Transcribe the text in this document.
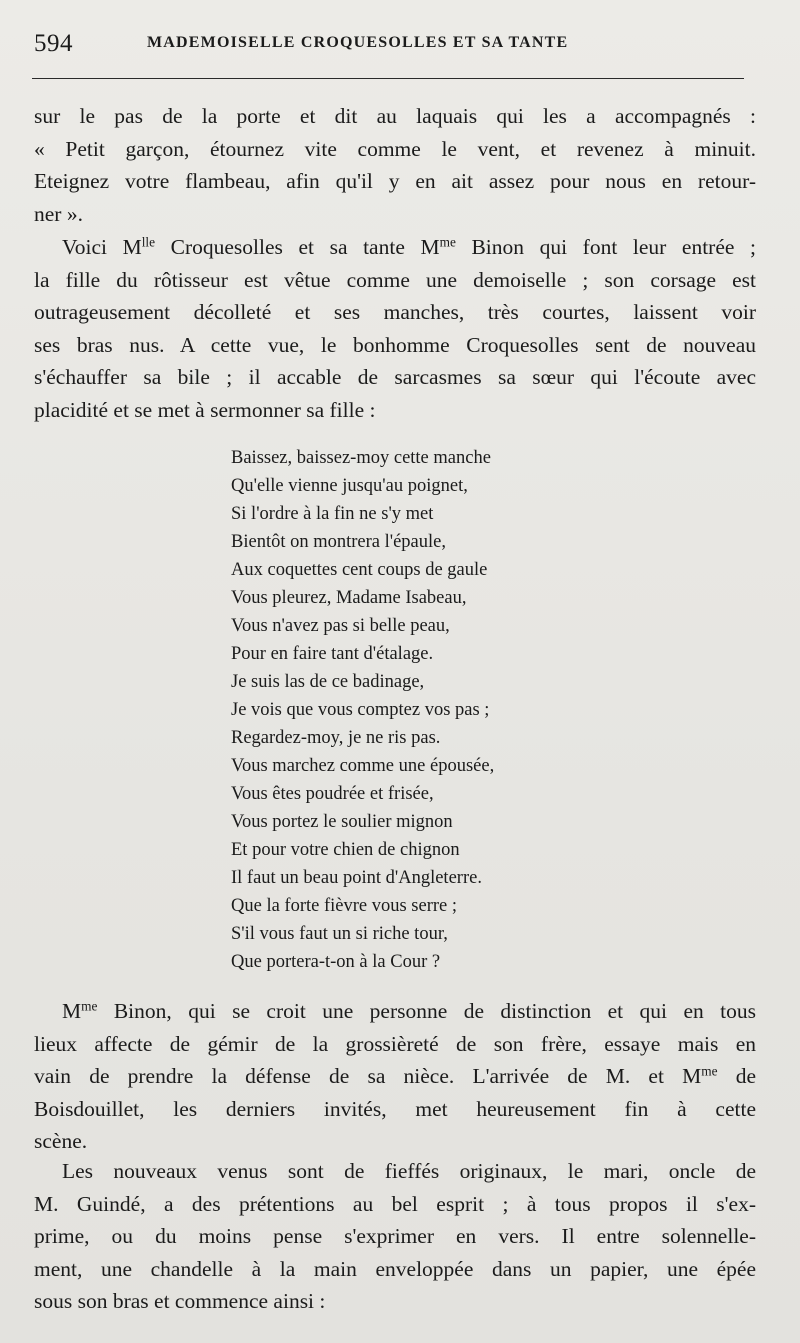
594	MADEMOISELLE CROQUESOLLES ET SA TANTE
sur le pas de la porte et dit au laquais qui les a accompagnés :
« Petit garçon, étournez vite comme le vent, et revenez à minuit.
Eteignez votre flambeau, afin qu'il y en ait assez pour nous en retour-
ner ».
Voici $M^{lle}$ Croquesolles et sa tante $M^{me}$ Binon qui font leur entrée ;
la fille du rôtisseur est vêtue comme une demoiselle ; son corsage est
outrageusement décolleté et ses manches, très courtes, laissent voir
ses bras nus. A cette vue, le bonhomme Croquesolles sent de nouveau
s'échauffer sa bile ; il accable de sarcasmes sa sœur qui l'écoute avec
placidité et se met à sermonner sa fille :
Baissez, baissez-moy cette manche
Qu'elle vienne jusqu'au poignet,
Si l'ordre à la fin ne s'y met
Bientôt on montrera l'épaule,
Aux coquettes cent coups de gaule
Vous pleurez, Madame Isabeau,
Vous n'avez pas si belle peau,
Pour en faire tant d'étalage.
Je suis las de ce badinage,
Je vois que vous comptez vos pas ;
Regardez-moy, je ne ris pas.
Vous marchez comme une épousée,
Vous êtes poudrée et frisée,
Vous portez le soulier mignon
Et pour votre chien de chignon
Il faut un beau point d'Angleterre.
Que la forte fièvre vous serre ;
S'il vous faut un si riche tour,
Que portera-t-on à la Cour ?
$M^{me}$ Binon, qui se croit une personne de distinction et qui en tous
lieux affecte de gémir de la grossièreté de son frère, essaye mais en
vain de prendre la défense de sa nièce. L'arrivée de M. et $M^{me}$ de
Boisdouillet, les derniers invités, met heureusement fin à cette
scène.
Les nouveaux venus sont de fieffés originaux, le mari, oncle de
M. Guindé, a des prétentions au bel esprit ; à tous propos il s'ex-
prime, ou du moins pense s'exprimer en vers. Il entre solennelle-
ment, une chandelle à la main enveloppée dans un papier, une épée
sous son bras et commence ainsi :
